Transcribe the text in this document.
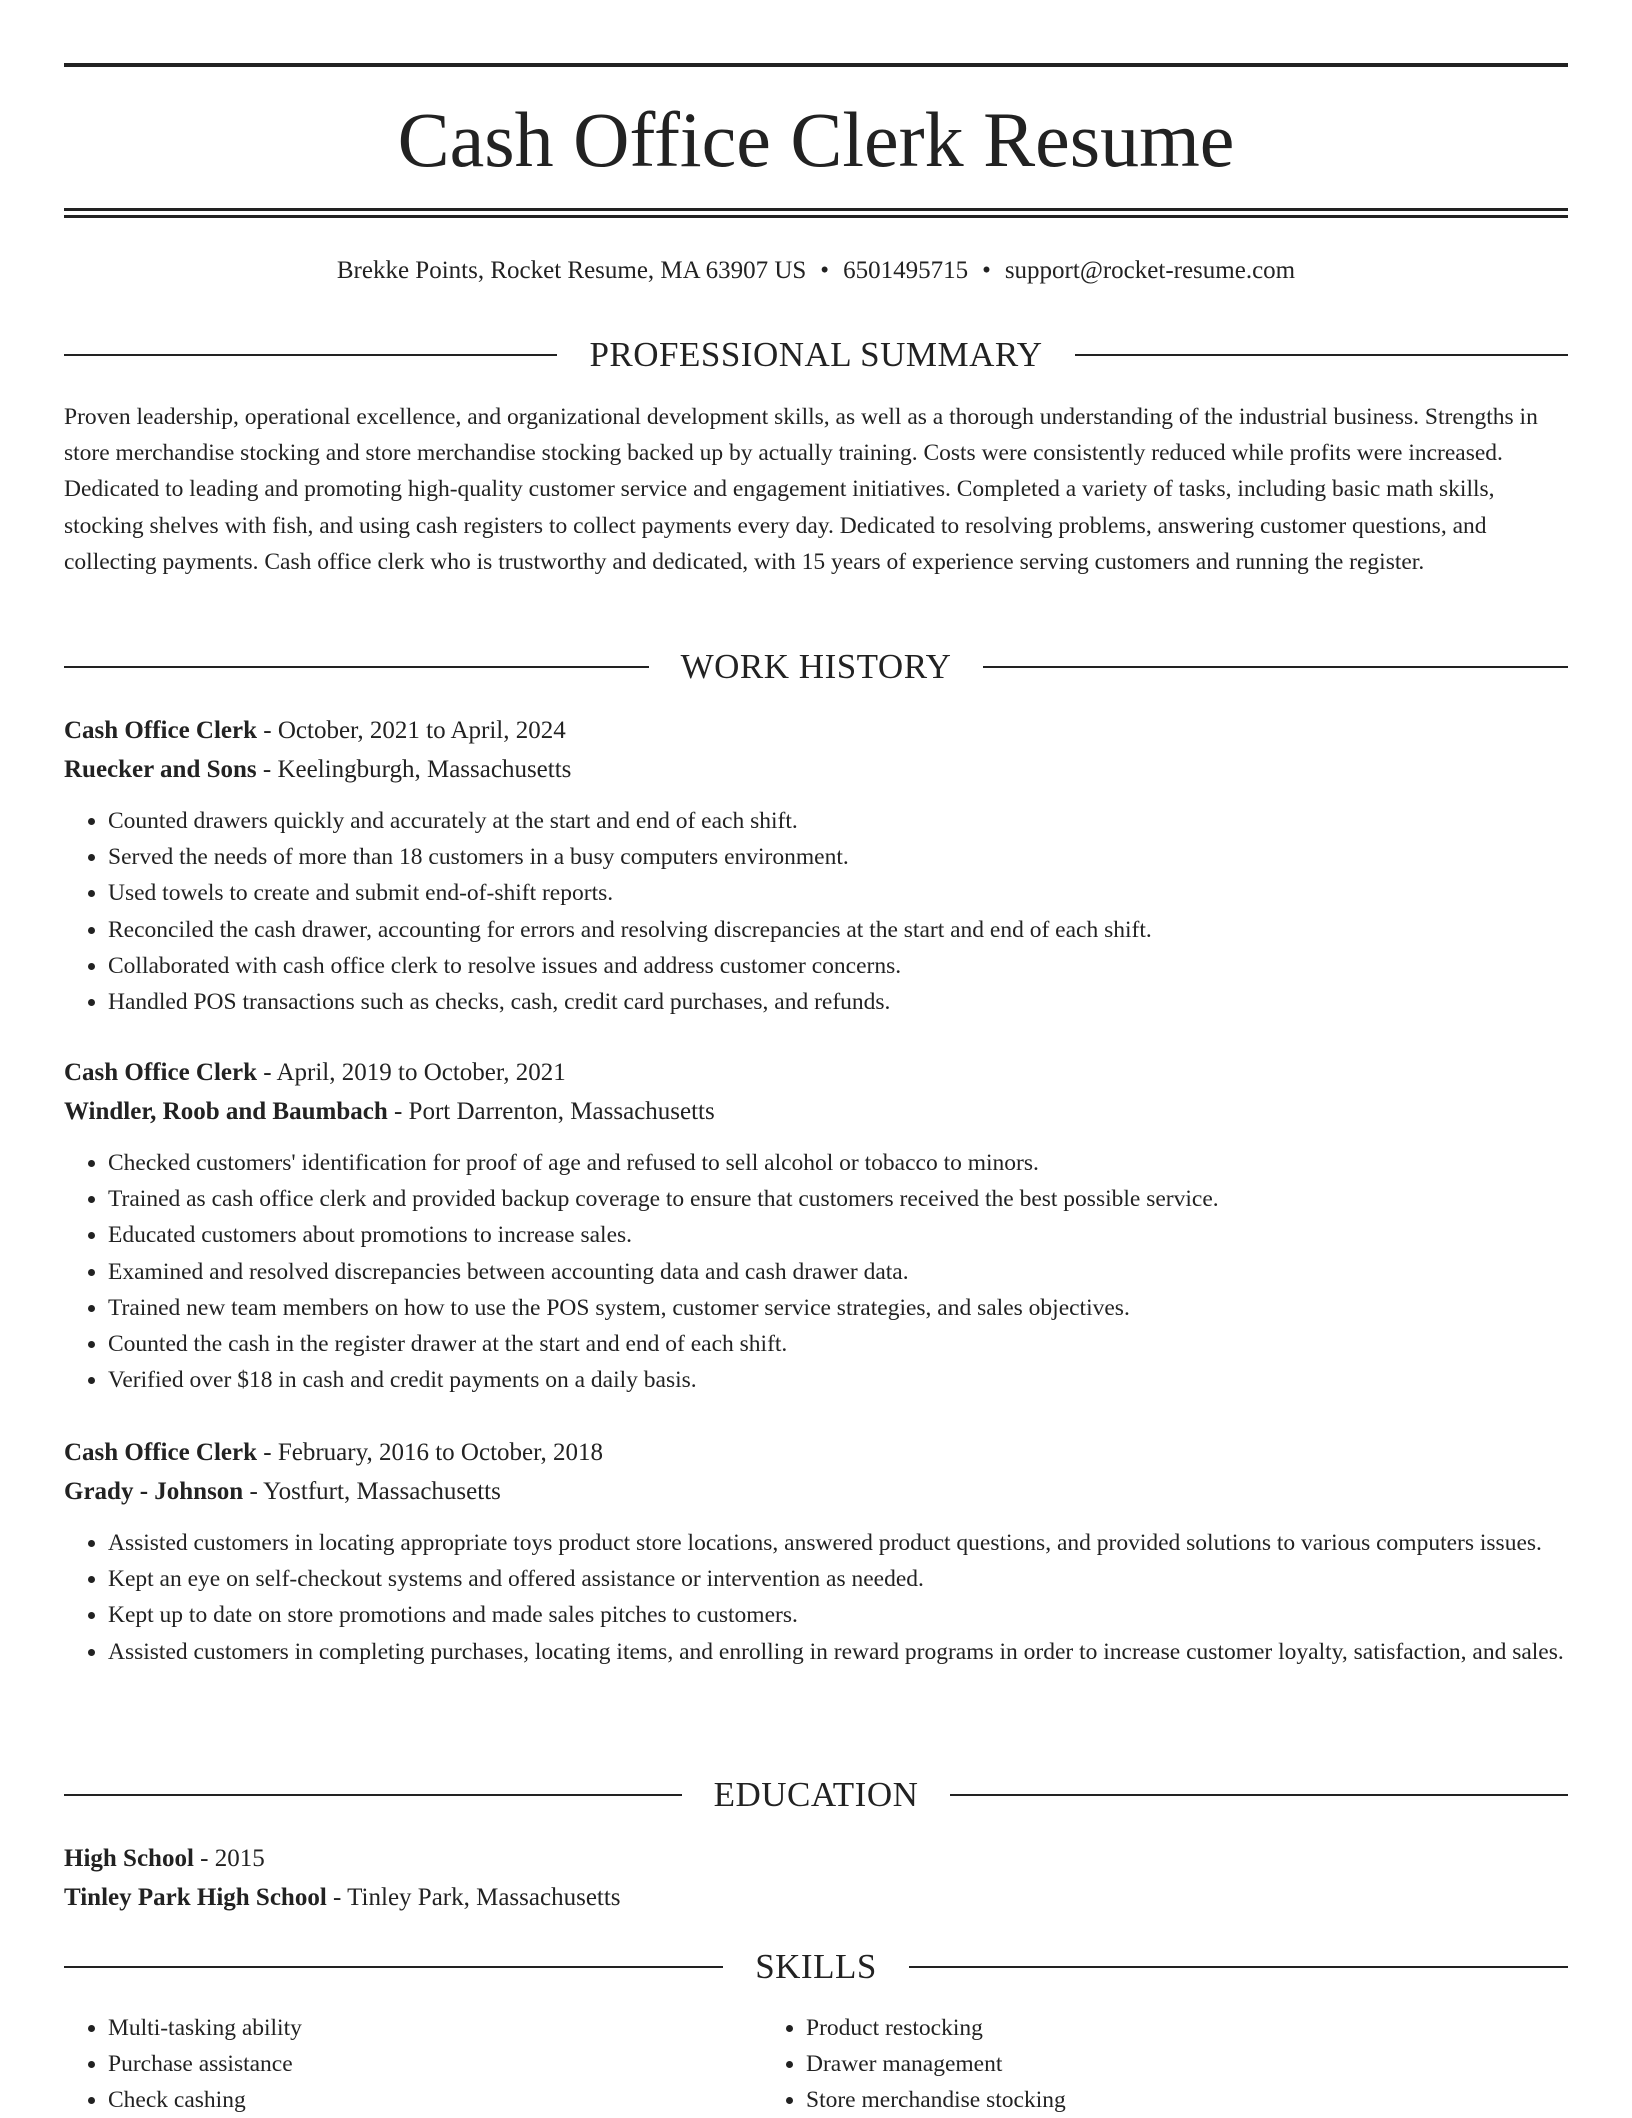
Cash Office Clerk Resume
Brekke Points, Rocket Resume, MA 63907 US • 6501495715 • support@rocket-resume.com
PROFESSIONAL SUMMARY

Proven leadership, operational excellence, and organizational development skills, as well as a thorough understanding of the industrial business. Strengths in store merchandise stocking and store merchandise stocking backed up by actually training. Costs were consistently reduced while profits were increased. Dedicated to leading and promoting high-quality customer service and engagement initiatives. Completed a variety of tasks, including basic math skills, stocking shelves with fish, and using cash registers to collect payments every day. Dedicated to resolving problems, answering customer questions, and collecting payments. Cash office clerk who is trustworthy and dedicated, with 15 years of experience serving customers and running the register.

WORK HISTORY

Cash Office Clerk - October, 2021 to April, 2024

Ruecker and Sons - Keelingburgh, Massachusetts

• Counted drawers quickly and accurately at the start and end of each shift.
• Served the needs of more than 18 customers in a busy computers environment.
• Used towels to create and submit end-of-shift reports.
• Reconciled the cash drawer, accounting for errors and resolving discrepancies at the start and end of each shift.
• Collaborated with cash office clerk to resolve issues and address customer concerns.
• Handled POS transactions such as checks, cash, credit card purchases, and refunds.

Cash Office Clerk - April, 2019 to October, 2021

Windler, Roob and Baumbach - Port Darrenton, Massachusetts

• Checked customers' identification for proof of age and refused to sell alcohol or tobacco to minors.
• Trained as cash office clerk and provided backup coverage to ensure that customers received the best possible service.
• Educated customers about promotions to increase sales.
• Examined and resolved discrepancies between accounting data and cash drawer data.
• Trained new team members on how to use the POS system, customer service strategies, and sales objectives.
• Counted the cash in the register drawer at the start and end of each shift.
• Verified over $18 in cash and credit payments on a daily basis.

Cash Office Clerk - February, 2016 to October, 2018

Grady - Johnson - Yostfurt, Massachusetts

• Assisted customers in locating appropriate toys product store locations, answered product questions, and provided solutions to various computers issues.
• Kept an eye on self-checkout systems and offered assistance or intervention as needed.
• Kept up to date on store promotions and made sales pitches to customers.
• Assisted customers in completing purchases, locating items, and enrolling in reward programs in order to increase customer loyalty, satisfaction, and sales.
EDUCATION

High School - 2015

Tinley Park High School - Tinley Park, Massachusetts

SKILLS
• Multi-tasking ability
• Purchase assistance
• Check cashing
• Product restocking
• Drawer management
• Store merchandise stocking
